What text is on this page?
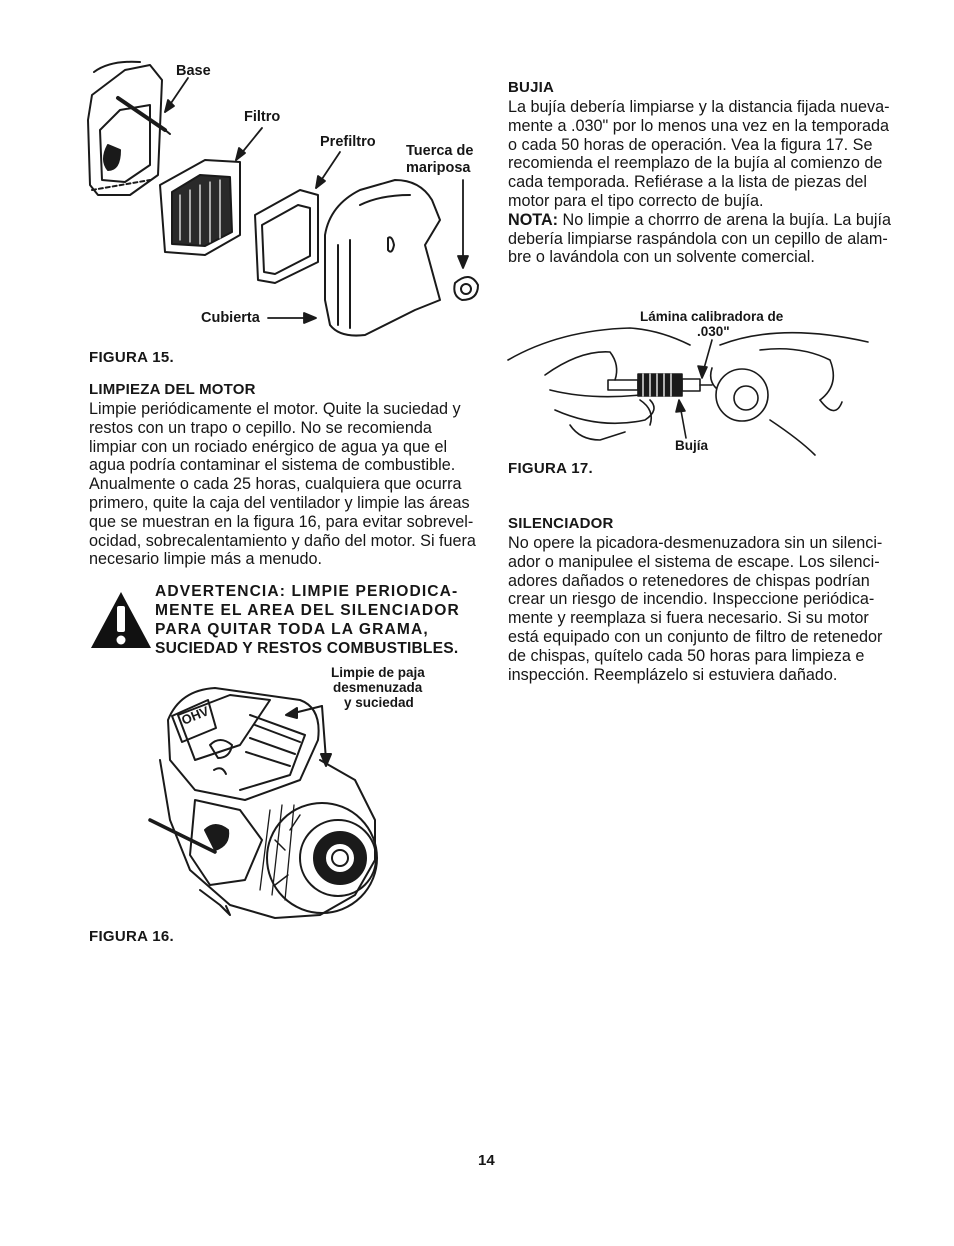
Base
Filtro
Prefiltro
Tuerca de
mariposa
Cubierta
FIGURA 15.
LIMPIEZA DEL MOTOR
Limpie periódicamente el motor. Quite la suciedad y
restos con un trapo o cepillo. No se recomienda
limpiar con un rociado enérgico de agua ya que el
agua podría contaminar el sistema de combustible.
Anualmente o cada 25 horas, cualquiera que ocurra
primero, quite la caja del ventilador y limpie las áreas
que se muestran en la figura 16, para evitar sobrevel-
ocidad, sobrecalentamiento y daño del motor. Si fuera
necesario limpie más a menudo.
ADVERTENCIA: LIMPIE PERIODICA-
MENTE EL AREA DEL SILENCIADOR
PARA QUITAR TODA LA GRAMA,
SUCIEDAD Y RESTOS COMBUSTIBLES.
Limpie de paja
desmenuzada
y suciedad
OHV
FIGURA 16.
BUJIA
La bujía debería limpiarse y la distancia fijada nueva-
mente a .030" por lo menos una vez en la temporada
o cada 50 horas de operación. Vea la figura 17. Se
recomienda el reemplazo de la bujía al comienzo de
cada temporada. Refiérase a la lista de piezas del
motor para el tipo correcto de bujía.
NOTA: No limpie a chorrro de arena la bujía. La bujía
debería limpiarse raspándola con un cepillo de alam-
bre o lavándola con un solvente comercial.
Lámina calibradora de
.030"
Bujía
FIGURA 17.
SILENCIADOR
No opere la picadora-desmenuzadora sin un silenci-
ador o manipulee el sistema de escape. Los silenci-
adores dañados o retenedores de chispas podrían
crear un riesgo de incendio. Inspeccione periódica-
mente y reemplaza si fuera necesario. Si su motor
está equipado con un conjunto de filtro de retenedor
de chispas, quítelo cada 50 horas para limpieza e
inspección. Reemplázelo si estuviera dañado.
14
